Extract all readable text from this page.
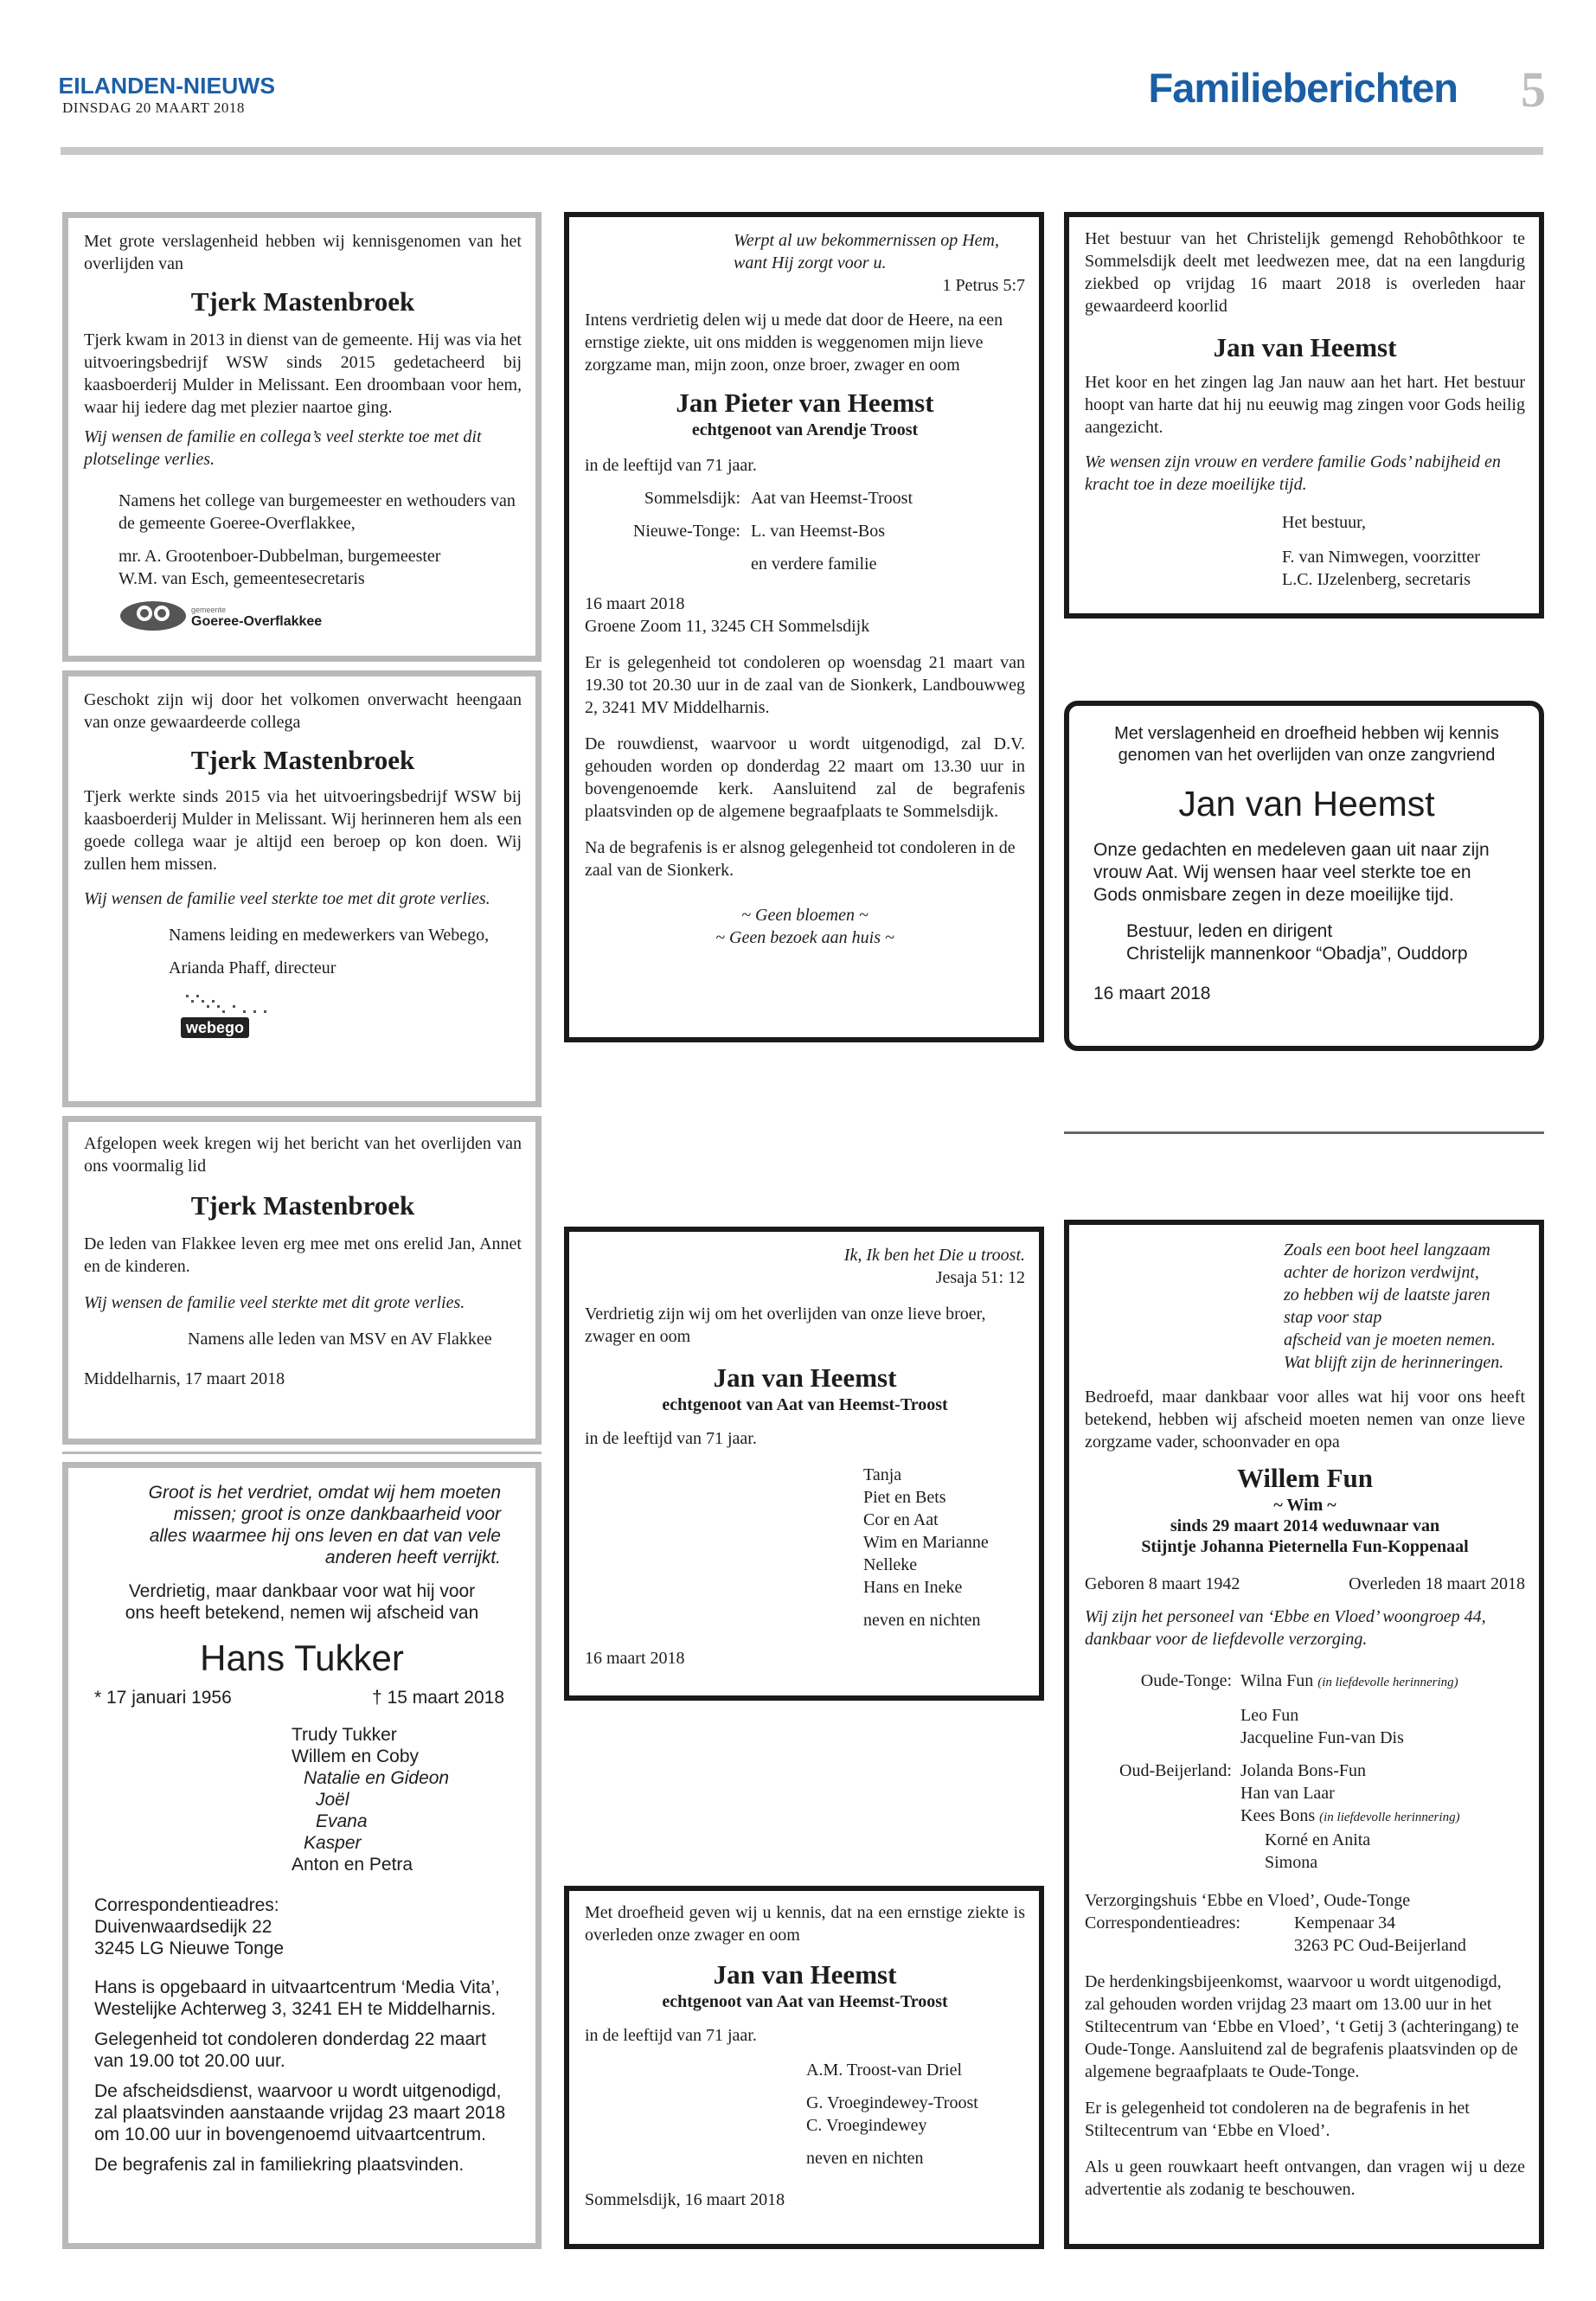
EILANDEN-NIEUWS
DINSDAG 20 MAART 2018	Familieberichten 5

Met grote verslagenheid hebben wij kennisgenomen van het overlijden van

Tjerk Mastenbroek

Tjerk kwam in 2013 in dienst van de gemeente. Hij was via het uitvoeringsbedrijf WSW sinds 2015 gedetacheerd bij kaasboerderij Mulder in Melissant. Een droombaan voor hem, waar hij iedere dag met plezier naartoe ging.

Wij wensen de familie en collega’s veel sterkte toe met dit plotselinge verlies.

Namens het college van burgemeester en wethouders van de gemeente Goeree-Overflakkee,

mr. A. Grootenboer-Dubbelman, burgemeester

W.M. van Esch, gemeentesecretaris

gemeente
Goeree-Overflakkee

Geschokt zijn wij door het volkomen onverwacht heengaan van onze gewaardeerde collega

Tjerk Mastenbroek

Tjerk werkte sinds 2015 via het uitvoeringsbedrijf WSW bij kaasboerderij Mulder in Melissant. Wij herinneren hem als een goede collega waar je altijd een beroep op kon doen. Wij zullen hem missen.

Wij wensen de familie veel sterkte toe met dit grote verlies.

Namens leiding en medewerkers van Webego,

Arianda Phaff, directeur

webego

Afgelopen week kregen wij het bericht van het overlijden van ons voormalig lid

Tjerk Mastenbroek

De leden van Flakkee leven erg mee met ons erelid Jan, Annet en de kinderen.

Wij wensen de familie veel sterkte met dit grote verlies.

Namens alle leden van MSV en AV Flakkee

Middelharnis, 17 maart 2018

Groot is het verdriet, omdat wij hem moeten missen; groot is onze dankbaarheid voor alles waarmee hij ons leven en dat van vele anderen heeft verrijkt.

Verdrietig, maar dankbaar voor wat hij voor ons heeft betekend, nemen wij afscheid van

Hans Tukker

* 17 januari 1956	† 15 maart 2018
Trudy Tukker
Willem en Coby
Natalie en Gideon
Joël
Evana
Kasper
Anton en Petra

Correspondentieadres:

Duivenwaardsedijk 22

3245 LG Nieuwe Tonge

Hans is opgebaard in uitvaartcentrum ‘Media Vita’, Westelijke Achterweg 3, 3241 EH te Middelharnis.

Gelegenheid tot condoleren donderdag 22 maart van 19.00 tot 20.00 uur.

De afscheidsdienst, waarvoor u wordt uitgenodigd, zal plaatsvinden aanstaande vrijdag 23 maart 2018 om 10.00 uur in bovengenoemd uitvaartcentrum.

De begrafenis zal in familiekring plaatsvinden.

Werpt al uw bekommernissen op Hem,

want Hij zorgt voor u.

1 Petrus 5:7

Intens verdrietig delen wij u mede dat door de Heere, na een ernstige ziekte, uit ons midden is weggenomen mijn lieve zorgzame man, mijn zoon, onze broer, zwager en oom

Jan Pieter van Heemst

echtgenoot van Arendje Troost

in de leeftijd van 71 jaar.

Sommelsdijk: Aat van Heemst-Troost
Nieuwe-Tonge: L. van Heemst-Bos

en verdere familie

16 maart 2018

Groene Zoom 11, 3245 CH Sommelsdijk

Er is gelegenheid tot condoleren op woensdag 21 maart van 19.30 tot 20.30 uur in de zaal van de Sionkerk, Landbouwweg 2, 3241 MV Middelharnis.

De rouwdienst, waarvoor u wordt uitgenodigd, zal D.V. gehouden worden op donderdag 22 maart om 13.30 uur in bovengenoemde kerk. Aansluitend zal de begrafenis plaatsvinden op de algemene begraafplaats te Sommelsdijk.

Na de begrafenis is er alsnog gelegenheid tot condoleren in de zaal van de Sionkerk.

~ Geen bloemen ~

~ Geen bezoek aan huis ~

Ik, Ik ben het Die u troost.

Jesaja 51: 12

Verdrietig zijn wij om het overlijden van onze lieve broer, zwager en oom

Jan van Heemst

echtgenoot van Aat van Heemst-Troost

in de leeftijd van 71 jaar.

Tanja
Piet en Bets
Cor en Aat
Wim en Marianne
Nelleke
Hans en Ineke

neven en nichten

16 maart 2018

Met droefheid geven wij u kennis, dat na een ernstige ziekte is overleden onze zwager en oom

Jan van Heemst

echtgenoot van Aat van Heemst-Troost

in de leeftijd van 71 jaar.

A.M. Troost-van Driel

G. Vroegindewey-Troost

C. Vroegindewey

neven en nichten

Sommelsdijk, 16 maart 2018

Het bestuur van het Christelijk gemengd Rehobôthkoor te Sommelsdijk deelt met leedwezen mee, dat na een langdurig ziekbed op vrijdag 16 maart 2018 is overleden haar gewaardeerd koorlid

Jan van Heemst

Het koor en het zingen lag Jan nauw aan het hart. Het bestuur hoopt van harte dat hij nu eeuwig mag zingen voor Gods heilig aangezicht.

We wensen zijn vrouw en verdere familie Gods’ nabijheid en kracht toe in deze moeilijke tijd.

Het bestuur,

F. van Nimwegen, voorzitter

L.C. IJzelenberg, secretaris

Met verslagenheid en droefheid hebben wij kennis genomen van het overlijden van onze zangvriend

Jan van Heemst

Onze gedachten en medeleven gaan uit naar zijn vrouw Aat. Wij wensen haar veel sterkte toe en Gods onmisbare zegen in deze moeilijke tijd.

Bestuur, leden en dirigent

Christelijk mannenkoor “Obadja”, Ouddorp

16 maart 2018

Zoals een boot heel langzaam
achter de horizon verdwijnt,
zo hebben wij de laatste jaren
stap voor stap
afscheid van je moeten nemen.
Wat blijft zijn de herinneringen.

Bedroefd, maar dankbaar voor alles wat hij voor ons heeft betekend, hebben wij afscheid moeten nemen van onze lieve zorgzame vader, schoonvader en opa

Willem Fun

~ Wim ~

sinds 29 maart 2014 weduwnaar van

Stijntje Johanna Pieternella Fun-Koppenaal

Geboren 8 maart 1942	Overleden 18 maart 2018

Wij zijn het personeel van ‘Ebbe en Vloed’ woongroep 44, dankbaar voor de liefdevolle verzorging.

Oude-Tonge: Wilna Fun (in liefdevolle herinnering)
Leo Fun
Jacqueline Fun-van Dis
Oud-Beijerland: Jolanda Bons-Fun
Han van Laar
Kees Bons (in liefdevolle herinnering)
Korné en Anita
Simona

Verzorgingshuis ‘Ebbe en Vloed’, Oude-Tonge

Correspondentieadres:	Kempenaar 34

3263 PC Oud-Beijerland

De herdenkingsbijeenkomst, waarvoor u wordt uitgenodigd, zal gehouden worden vrijdag 23 maart om 13.00 uur in het Stiltecentrum van ‘Ebbe en Vloed’, ‘t Getij 3 (achteringang) te Oude-Tonge. Aansluitend zal de begrafenis plaatsvinden op de algemene begraafplaats te Oude-Tonge.

Er is gelegenheid tot condoleren na de begrafenis in het Stiltecentrum van ‘Ebbe en Vloed’.

Als u geen rouwkaart heeft ontvangen, dan vragen wij u deze advertentie als zodanig te beschouwen.
